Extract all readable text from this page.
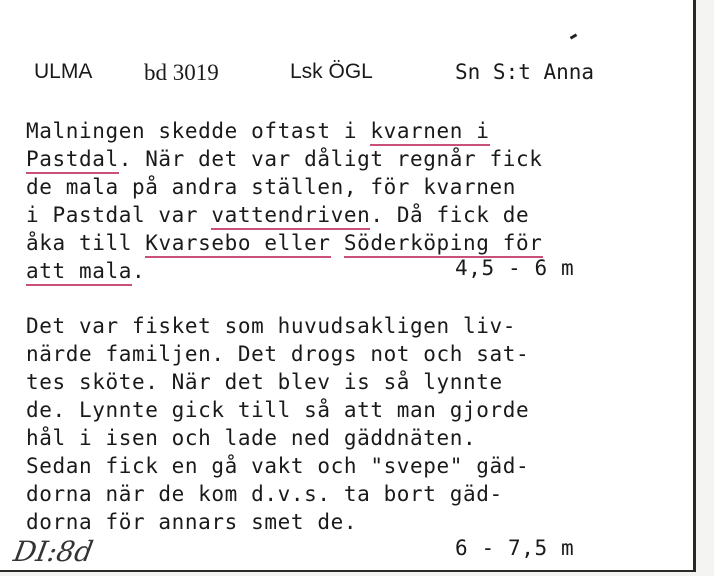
ULMA bd 3019	Lsk ÖGL	Sn S:t Anna
Malningen skedde oftast i kvarnen i
Pastdal. När det var dåligt regnår fick
de mala på andra ställen, för kvarnen
i Pastdal var vattendriven. Då fick de
åka till Kvarsebo eller Söderköping för
att mala.	4,5 - 6 m
Det var fisket som huvudsakligen liv-
närde familjen. Det drogs not och sat-
tes sköte. När det blev is så lynnte
de. Lynnte gick till så att man gjorde
hål i isen och lade ned gäddnäten.
Sedan fick en gå vakt och "svepe" gäd-
dorna när de kom d.v.s. ta bort gäd-
dorna för annars smet de.
6 - 7,5 m
DI:8d
